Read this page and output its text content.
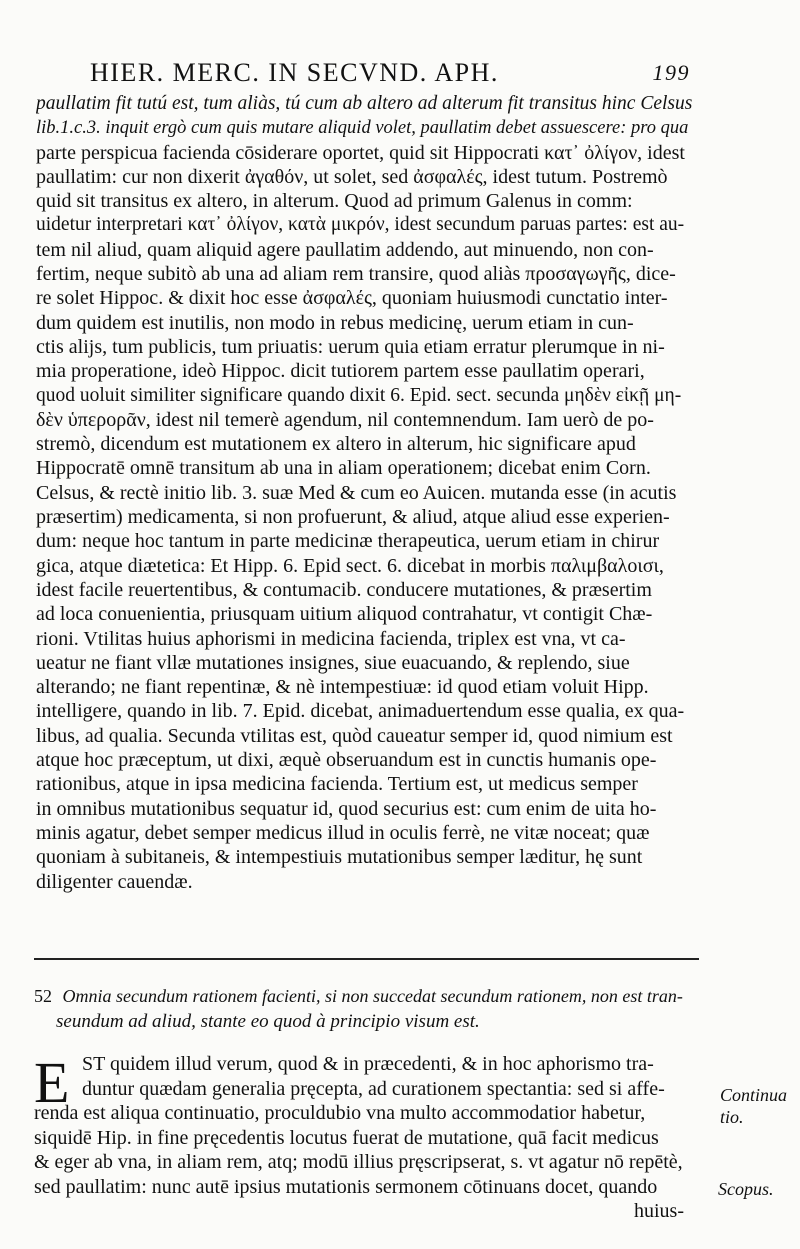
HIER. MERC. IN SECVND. APH.	199
paullatim fit tutú est, tum aliàs, tú cum ab altero ad alterum fit transitus hinc Celsus
lib.1.c.3. inquit ergò cum quis mutare aliquid volet, paullatim debet assuescere: pro qua
parte perspicua facienda cōsiderare oportet, quid sit Hippocrati κατ᾽ ὀλίγον, idest
paullatim: cur non dixerit ἀγαθόν, ut solet, sed ἀσφαλές, idest tutum. Postremò
quid sit transitus ex altero, in alterum. Quod ad primum Galenus in comm:
uidetur interpretari κατ᾽ ὀλίγον, κατὰ μικρόν, idest secundum paruas partes: est au-
tem nil aliud, quam aliquid agere paullatim addendo, aut minuendo, non con-
fertim, neque subitò ab una ad aliam rem transire, quod aliàs προσαγωγῆς, dice-
re solet Hippoc. & dixit hoc esse ἀσφαλές, quoniam huiusmodi cunctatio inter-
dum quidem est inutilis, non modo in rebus medicinę, uerum etiam in cun-
ctis alijs, tum publicis, tum priuatis: uerum quia etiam erratur plerumque in ni-
mia properatione, ideò Hippoc. dicit tutiorem partem esse paullatim operari,
quod uoluit similiter significare quando dixit 6. Epid. sect. secunda μηδὲν εἰκῇ μη-
δὲν ὑπερορᾶν, idest nil temerè agendum, nil contemnendum. Iam uerò de po-
stremò, dicendum est mutationem ex altero in alterum, hic significare apud
Hippocratē omnē transitum ab una in aliam operationem; dicebat enim Corn.
Celsus, & rectè initio lib. 3. suæ Med & cum eo Auicen. mutanda esse (in acutis
præsertim) medicamenta, si non profuerunt, & aliud, atque aliud esse experien-
dum: neque hoc tantum in parte medicinæ therapeutica, uerum etiam in chirur
gica, atque diætetica: Et Hipp. 6. Epid sect. 6. dicebat in morbis παλιμβαλοισι,
idest facile reuertentibus, & contumacib. conducere mutationes, & præsertim
ad loca conuenientia, priusquam uitium aliquod contrahatur, vt contigit Chæ-
rioni. Vtilitas huius aphorismi in medicina facienda, triplex est vna, vt ca-
ueatur ne fiant vllæ mutationes insignes, siue euacuando, & replendo, siue
alterando; ne fiant repentinæ, & nè intempestiuæ: id quod etiam voluit Hipp.
intelligere, quando in lib. 7. Epid. dicebat, animaduertendum esse qualia, ex qua-
libus, ad qualia. Secunda vtilitas est, quòd caueatur semper id, quod nimium est
atque hoc præceptum, ut dixi, æquè obseruandum est in cunctis humanis ope-
rationibus, atque in ipsa medicina facienda. Tertium est, ut medicus semper
in omnibus mutationibus sequatur id, quod securius est: cum enim de uita ho-
minis agatur, debet semper medicus illud in oculis ferrè, ne vitæ noceat; quæ
quoniam à subitaneis, & intempestiuis mutationibus semper læditur, hę sunt
diligenter cauendæ.
52 Omnia secundum rationem facienti, si non succedat secundum rationem, non est tran-
seundum ad aliud, stante eo quod à principio visum est.
E ST quidem illud verum, quod & in præcedenti, & in hoc aphorismo tra-
duntur quædam generalia pręcepta, ad curationem spectantia: sed si affe-
renda est aliqua continuatio, proculdubio vna multo accommodatior habetur,
siquidē Hip. in fine pręcedentis locutus fuerat de mutatione, quā facit medicus
& eger ab vna, in aliam rem, atq; modū illius pręscripserat, s. vt agatur nō repētè,
sed paullatim: nunc autē ipsius mutationis sermonem cōtinuans docet, quando
huius-
Continua tio.
Scopus.
